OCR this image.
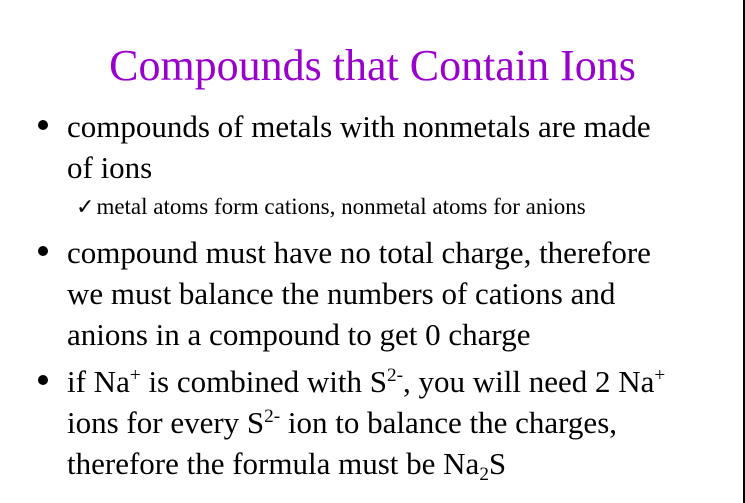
Compounds that Contain Ions
compounds of metals with nonmetals are made
of ions
✓metal atoms form cations, nonmetal atoms for anions
compound must have no total charge, therefore
we must balance the numbers of cations and
anions in a compound to get 0 charge
if Na+ is combined with $S^{2-}$, you will need 2 Na+
ions for every $S^{2-}$ ion to balance the charges,
therefore the formula must be $Na_2S$
